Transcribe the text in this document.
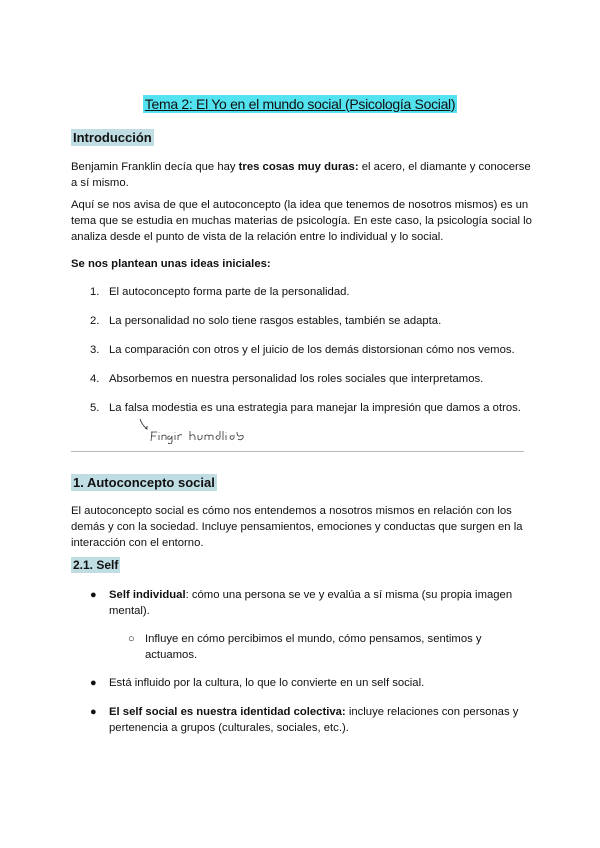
Tema 2: El Yo en el mundo social (Psicología Social)
Introducción
Benjamin Franklin decía que hay tres cosas muy duras: el acero, el diamante y conocerse
a sí mismo.
Aquí se nos avisa de que el autoconcepto (la idea que tenemos de nosotros mismos) es un
tema que se estudia en muchas materias de psicología. En este caso, la psicología social lo
analiza desde el punto de vista de la relación entre lo individual y lo social.
Se nos plantean unas ideas iniciales:
1. El autoconcepto forma parte de la personalidad.
2. La personalidad no solo tiene rasgos estables, también se adapta.
3. La comparación con otros y el juicio de los demás distorsionan cómo nos vemos.
4. Absorbemos en nuestra personalidad los roles sociales que interpretamos.
5. La falsa modestia es una estrategia para manejar la impresión que damos a otros.
1. Autoconcepto social
El autoconcepto social es cómo nos entendemos a nosotros mismos en relación con los
demás y con la sociedad. Incluye pensamientos, emociones y conductas que surgen en la
interacción con el entorno.
2.1. Self
● Self individual: cómo una persona se ve y evalúa a sí misma (su propia imagen
mental).
○ Influye en cómo percibimos el mundo, cómo pensamos, sentimos y
actuamos.
● Está influido por la cultura, lo que lo convierte en un self social.
● El self social es nuestra identidad colectiva: incluye relaciones con personas y
pertenencia a grupos (culturales, sociales, etc.).
